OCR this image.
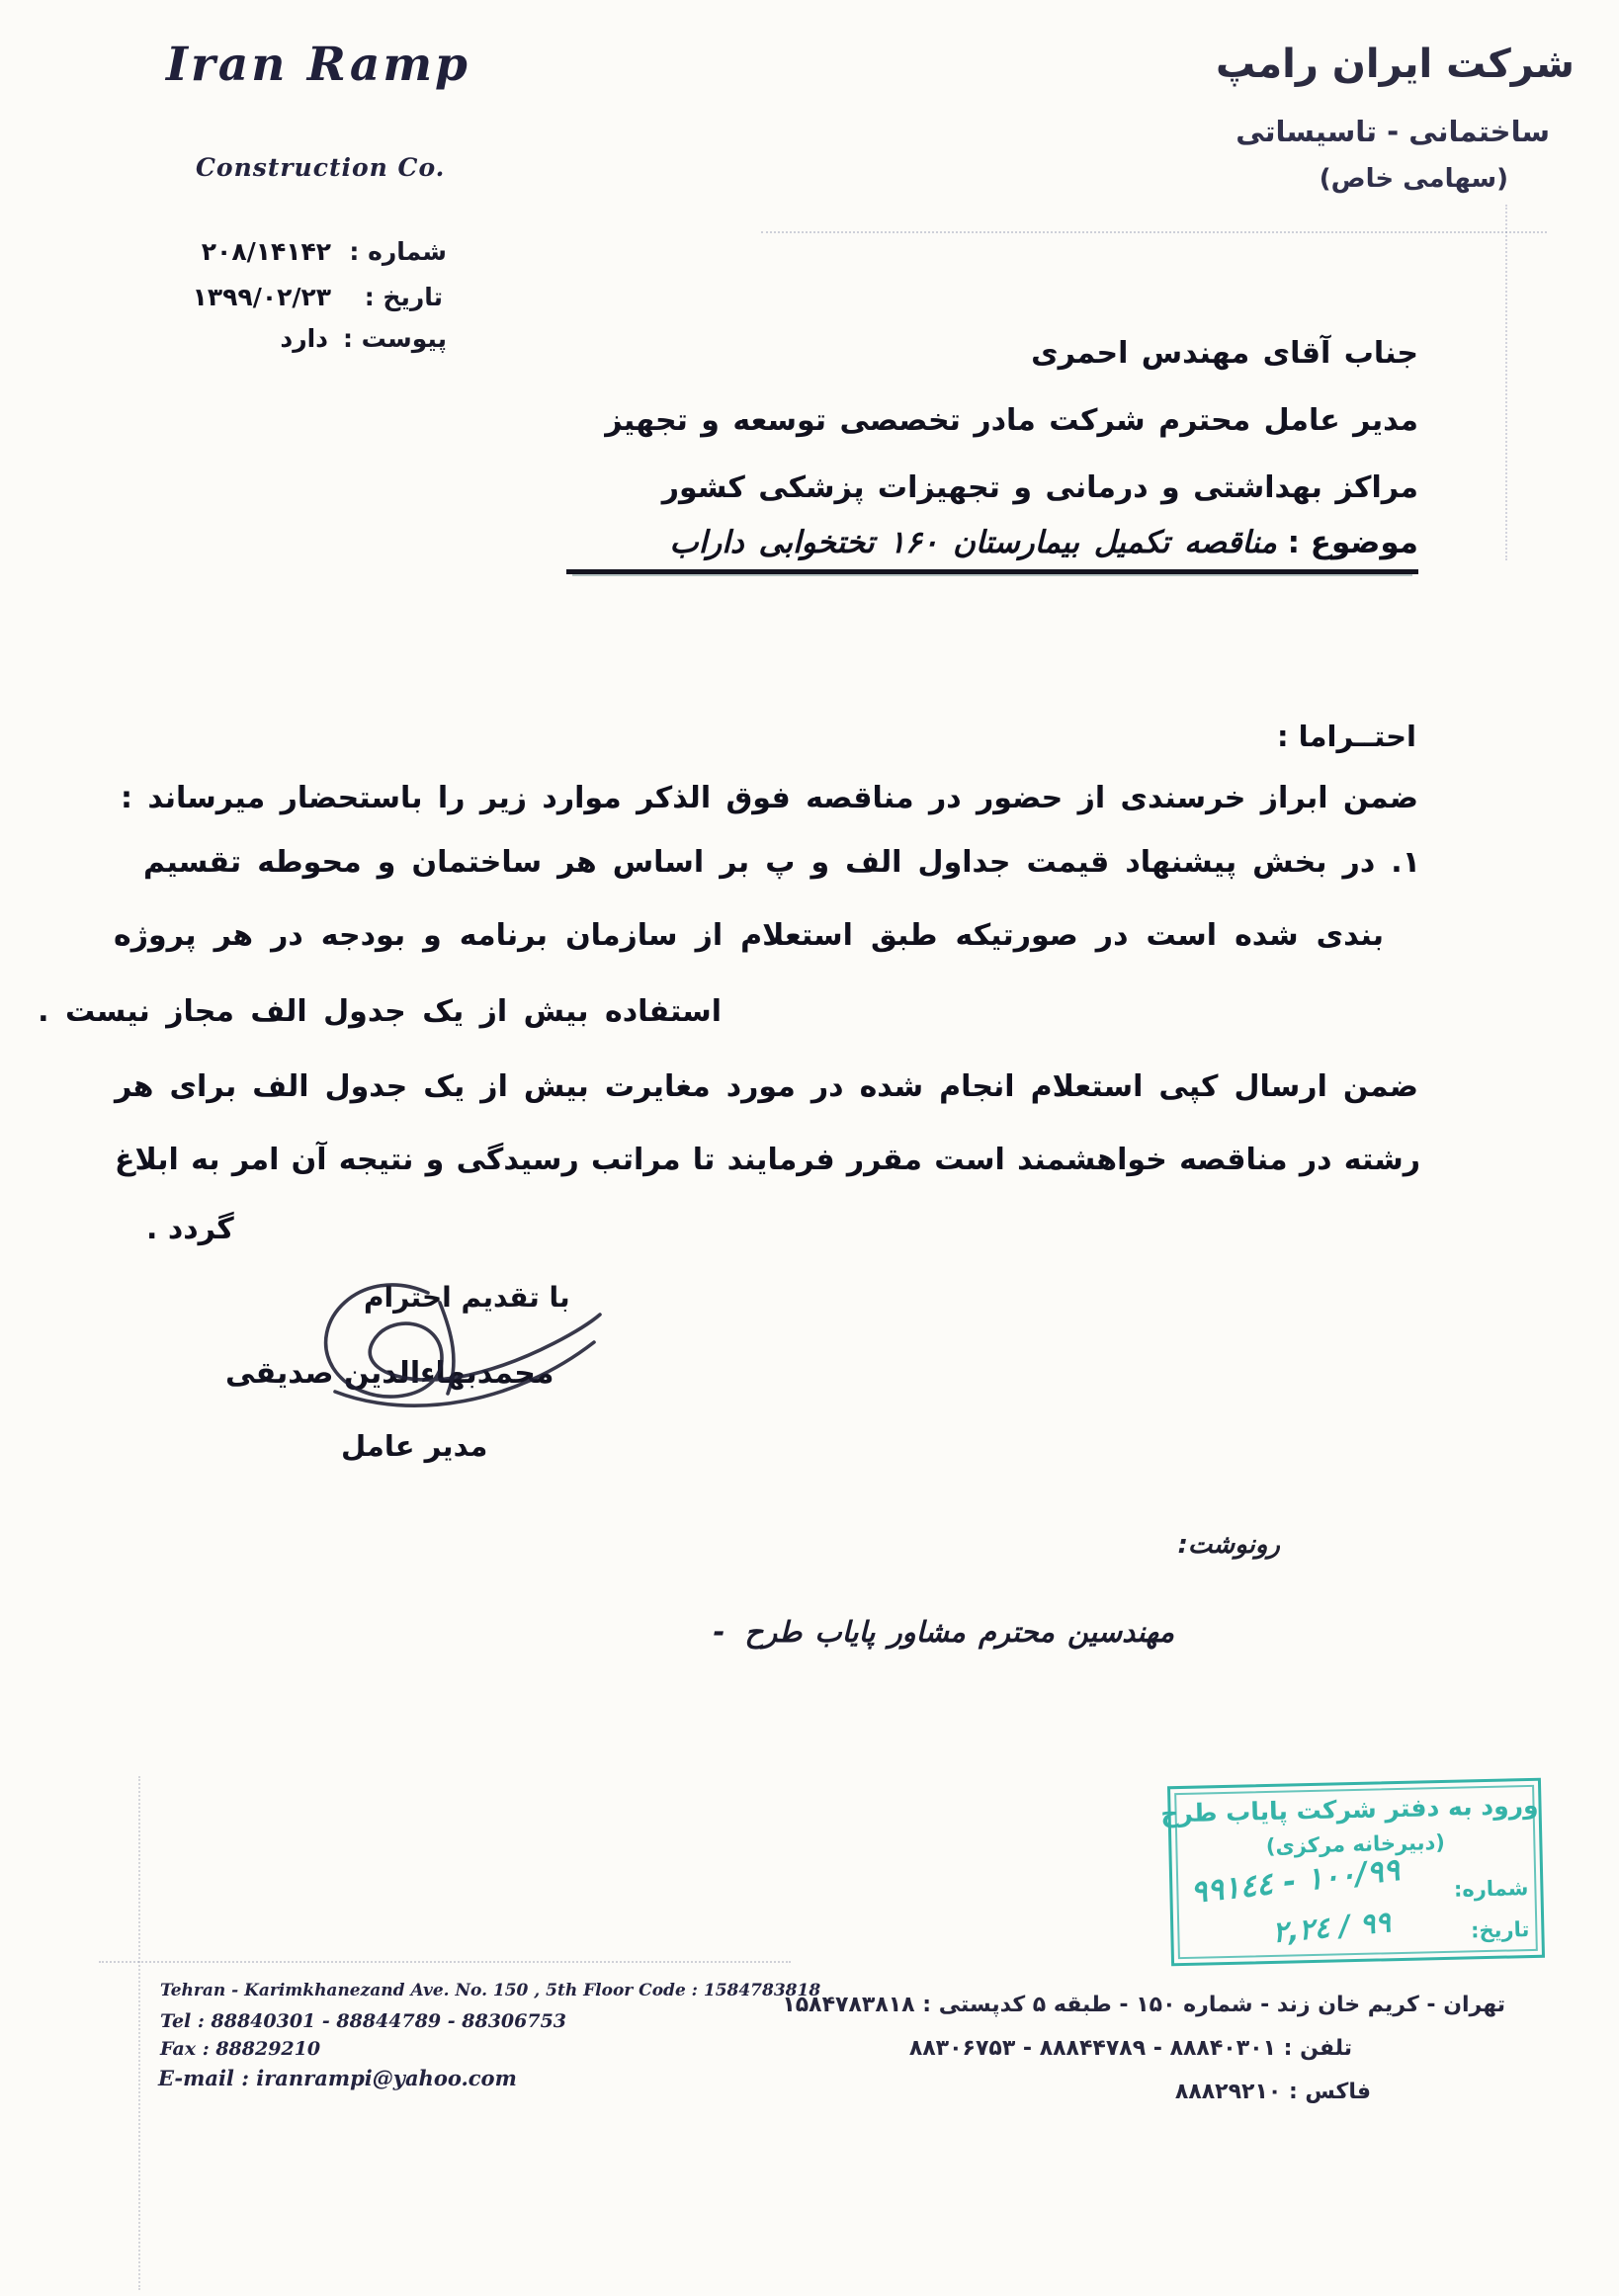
Iran Ramp
Construction Co.
شرکت ایران رامپ
ساختمانی - تاسیساتی
(سهامی خاص)
شماره :
۲۰۸/۱۴۱۴۲
تاریخ :
۱۳۹۹/۰۲/۲۳
پیوست :
دارد	جناب آقای مهندس احمری
مدیر عامل محترم شرکت مادر تخصصی توسعه و تجهیز
مراکز بهداشتی و درمانی و تجهیزات پزشکی کشور
موضوع : مناقصه تکمیل بیمارستان ۱۶۰ تختخوابی داراب
احتــراما :
ضمن ابراز خرسندی از حضور در مناقصه فوق الذکر موارد زیر را باستحضار میرساند :
۱. در بخش پیشنهاد قیمت جداول الف و پ بر اساس هر ساختمان و محوطه تقسیم
بندی شده است در صورتیکه طبق استعلام از سازمان برنامه و بودجه در هر پروژه
استفاده بیش از یک جدول الف مجاز نیست .
ضمن ارسال کپی استعلام انجام شده در مورد مغایرت بیش از یک جدول الف برای هر
رشته در مناقصه خواهشمند است مقرر فرمایند تا مراتب رسیدگی و نتیجه آن امر به ابلاغ
گردد .
با تقدیم احترام
محمدبهاءالدین صدیقی
مدیر عامل
رونوشت:
- مهندسین محترم مشاور پایاب طرح
ورود به دفتر شرکت پایاب طرح
(دبیرخانه مرکزی)
شماره:
١٠٠/٩٩ - ٩٩١٤٤
تاریخ:
٩٩ / ٢,٢٤
Tehran - Karimkhanezand Ave. No. 150 , 5th Floor Code : 1584783818
Tel : 88840301 - 88844789 - 88306753
Fax : 88829210
E-mail : iranrampi@yahoo.com
تهران - کریم خان زند - شماره ۱۵۰ - طبقه ۵ کدپستی : ۱۵۸۴۷۸۳۸۱۸
تلفن : ۸۸۸۴۰۳۰۱ - ۸۸۸۴۴۷۸۹ - ۸۸۳۰۶۷۵۳
فاکس : ۸۸۸۲۹۲۱۰
